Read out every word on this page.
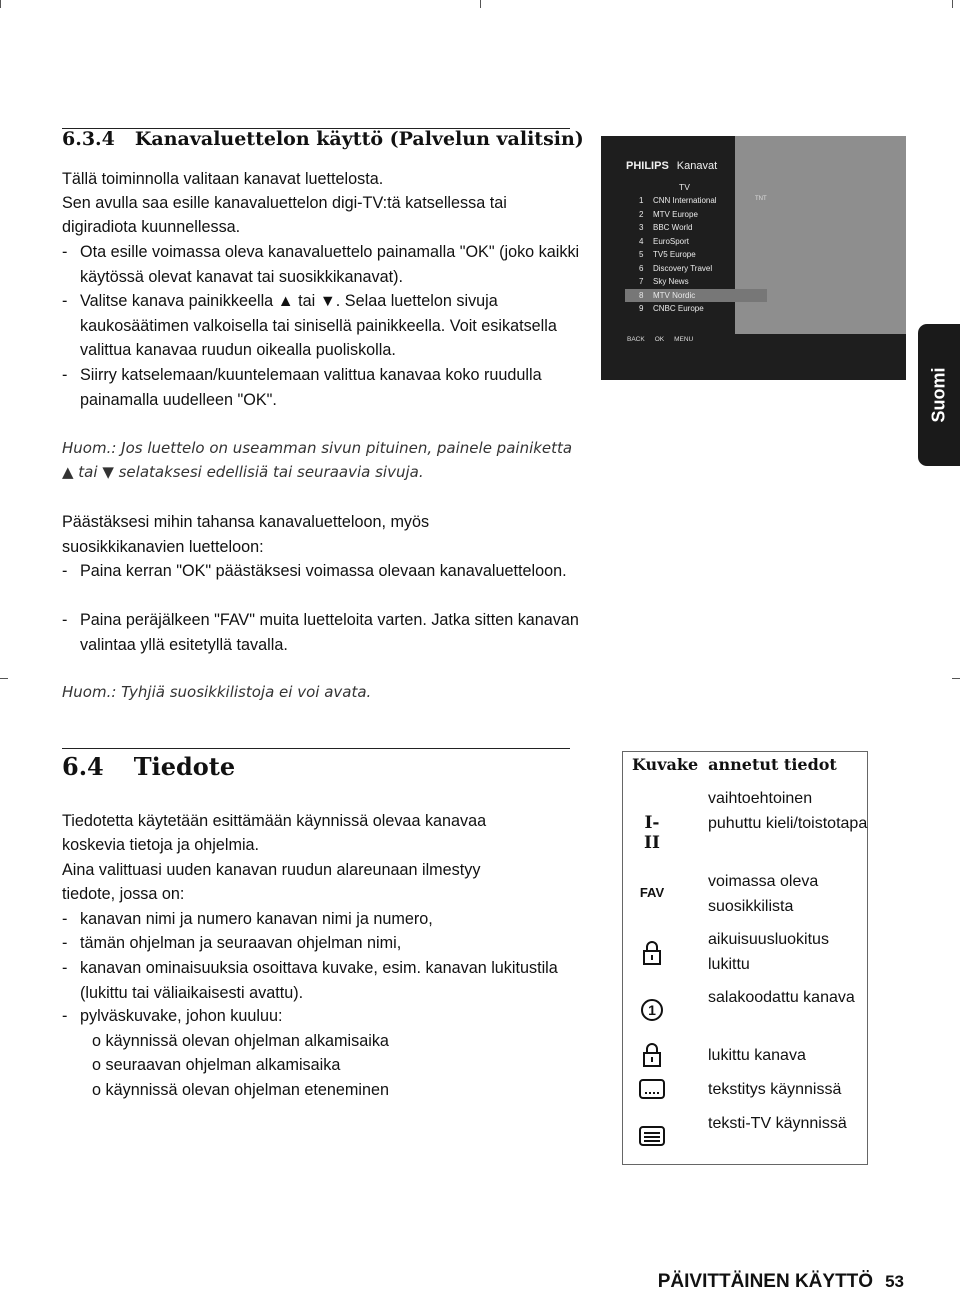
6.3.4 Kanavaluettelon käyttö (Palvelun valitsin)

Tällä toiminnolla valitaan kanavat luettelosta.

Sen avulla saa esille kanavaluettelon digi-TV:tä katsellessa tai

digiradiota kuunnellessa.

- Ota esille voimassa oleva kanavaluettelo painamalla "OK" (joko kaikki käytössä olevat kanavat tai suosikkikanavat).

- Valitse kanava painikkeella ▲ tai ▼. Selaa luettelon sivuja kaukosäätimen valkoisella tai sinisellä painikkeella. Voit esikatsella valittua kanavaa ruudun oikealla puoliskolla.

- Siirry katselemaan/kuuntelemaan valittua kanavaa koko ruudulla painamalla uudelleen "OK".

Huom.: Jos luettelo on useamman sivun pituinen, painele painiketta ▲ tai ▼ selataksesi edellisiä tai seuraavia sivuja.

Päästäksesi mihin tahansa kanavaluetteloon, myös

suosikkikanavien luetteloon:

- Paina kerran "OK" päästäksesi voimassa olevaan kanavaluetteloon.

- Paina peräjälkeen "FAV" muita luetteloita varten. Jatka sitten kanavan valintaa yllä esitetyllä tavalla.

Huom.: Tyhjiä suosikkilistoja ei voi avata.

PHILIPS Kanavat
TV
TNT
1 CNN International
2 MTV Europe
3 BBC World
4 EuroSport
5 TV5 Europe
6 Discovery Travel
7 Sky News
8 MTV Nordic
9 CNBC Europe
BACK OK MENU
Suomi
6.4 Tiedote

Tiedotetta käytetään esittämään käynnissä olevaa kanavaa

koskevia tietoja ja ohjelmia.

Aina valittuasi uuden kanavan ruudun alareunaan ilmestyy

tiedote, jossa on:

- kanavan nimi ja numero kanavan nimi ja numero,

- tämän ohjelman ja seuraavan ohjelman nimi,

- kanavan ominaisuuksia osoittava kuvake, esim. kanavan lukitustila (lukittu tai väliaikaisesti avattu).

- pylväskuvake, johon kuuluu:

o käynnissä olevan ohjelman alkamisaika

o seuraavan ohjelman alkamisaika

o käynnissä olevan ohjelman eteneminen

Kuvake annetut tiedot
I-II

vaihtoehtoinen puhuttu kieli/toistotapa

FAV

voimassa oleva suosikkilista

aikuisuusluokitus lukittu

1

salakoodattu kanava

lukittu kanava

tekstitys käynnissä

teksti-TV käynnissä

PÄIVITTÄINEN KÄYTTÖ 53
